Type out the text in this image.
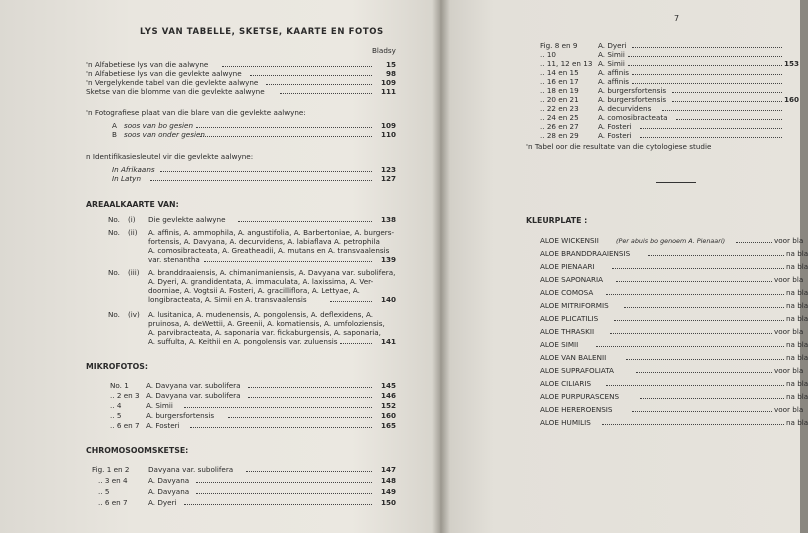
LYS VAN TABELLE, SKETSE, KAARTE EN FOTOS
Bladsy
'n Alfabetiese lys van die aalwyne	15
'n Alfabetiese lys van die gevlekte aalwyne	98
'n Vergelykende tabel van die gevlekte aalwyne	109
Sketse van die blomme van die gevlekte aalwyne	111
'n Fotografiese plaat van die blare van die gevlekte aalwyne:
A soos van bo gesien	109
B soos van onder gesien	110
n Identifikasiesleutel vir die gevlekte aalwyne:
In Afrikaans	123
In Latyn	127
AREAALKAARTE VAN:
No. (i) Die gevlekte aalwyne	138
No. (ii) A. affinis, A. ammophila, A. angustifolia, A. Barbertoniae, A. burgers-
fortensis, A. Davyana, A. decurvidens, A. labiaflava A. petrophila
A. comosibracteata, A. Greatheadii, A. mutans en A. transvaalensis
var. stenantha	139
No. (iii) A. branddraaiensis, A. chimanimaniensis, A. Davyana var. subolifera,
A. Dyeri, A. grandidentata, A. immaculata, A. laxissima, A. Ver-
doorniae, A. Vogtsii A. Fosteri, A. gracilliflora, A. Lettyae, A.
longibracteata, A. Simii en A. transvaalensis	140
No. (iv) A. lusitanica, A. mudenensis, A. pongolensis, A. deflexidens, A.
pruinosa, A. deWettii, A. Greenii, A. komatiensis, A. umfoloziensis,
A. parvibracteata, A. saponaria var. fickaburgensis, A. saponaria,
A. suffulta, A. Keithii en A. pongolensis var. zuluensis	141
MIKROFOTOS:
No. 1 A. Davyana var. subolifera	145
.. 2 en 3 A. Davyana var. subolifera	146
.. 4	A. Simii	152
.. 5	A. burgersfortensis	160
.. 6 en 7 A. Fosteri	165
CHROMOSOOMSKETSE:
Fig. 1 en 2	Davyana var. subolifera	147
.. 3 en 4	A. Davyana	148
.. 5	A. Davyana	149
.. 6 en 7	A. Dyeri	150
7
Fig. 8 en 9	A. Dyeri
.. 10	A. Simii
.. 11, 12 en 13 A. Simii	153
.. 14 en 15	A. affinis
.. 16 en 17	A. affinis
.. 18 en 19	A. burgersfortensis
.. 20 en 21	A. burgersfortensis	160
.. 22 en 23	A. decurvidens
.. 24 en 25	A. comosibracteata
.. 26 en 27	A. Fosteri
.. 28 en 29	A. Fosteri
'n Tabel oor die resultate van die cytologiese studie
KLEURPLATE :
ALOE WICKENSII	(Per abuis bo genoem A. Pienaari)	voor bla
ALOE BRANDDRAAIENSIS	na bla
ALOE PIENAARI	na bla
ALOE SAPONARIA	voor bla
ALOE COMOSA	na bla
ALOE MITRIFORMIS	na bla
ALOE PLICATILIS	na bla
ALOE THRASKII	voor bla
ALOE SIMII	na bla
ALOE VAN BALENII	na bla
ALOE SUPRAFOLIATA	voor bla
ALOE CILIARIS	na bla
ALOE PURPURASCENS	na bla
ALOE HEREROENSIS	voor bla
ALOE HUMILIS	na bla
